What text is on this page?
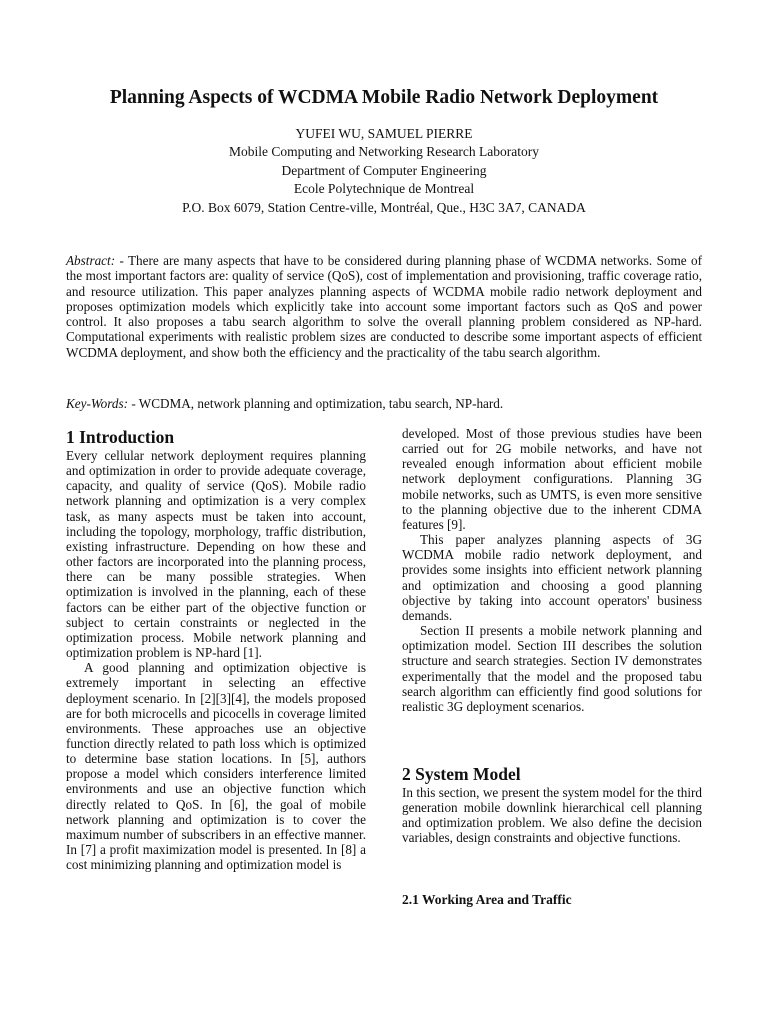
Planning Aspects of WCDMA Mobile Radio Network Deployment
YUFEI WU, SAMUEL PIERRE
Mobile Computing and Networking Research Laboratory
Department of Computer Engineering
Ecole Polytechnique de Montreal
P.O. Box 6079, Station Centre-ville, Montréal, Que., H3C 3A7, CANADA
Abstract: - There are many aspects that have to be considered during planning phase of WCDMA networks. Some of the most important factors are: quality of service (QoS), cost of implementation and provisioning, traffic coverage ratio, and resource utilization. This paper analyzes planning aspects of WCDMA mobile radio network deployment and proposes optimization models which explicitly take into account some important factors such as QoS and power control. It also proposes a tabu search algorithm to solve the overall planning problem considered as NP-hard. Computational experiments with realistic problem sizes are conducted to describe some important aspects of efficient WCDMA deployment, and show both the efficiency and the practicality of the tabu search algorithm.
Key-Words: - WCDMA, network planning and optimization, tabu search, NP-hard.
1 Introduction

Every cellular network deployment requires planning and optimization in order to provide adequate coverage, capacity, and quality of service (QoS). Mobile radio network planning and optimization is a very complex task, as many aspects must be taken into account, including the topology, morphology, traffic distribution, existing infrastructure. Depending on how these and other factors are incorporated into the planning process, there can be many possible strategies. When optimization is involved in the planning, each of these factors can be either part of the objective function or subject to certain constraints or neglected in the optimization process. Mobile network planning and optimization problem is NP-hard [1].

A good planning and optimization objective is extremely important in selecting an effective deployment scenario. In [2][3][4], the models proposed are for both microcells and picocells in coverage limited environments. These approaches use an objective function directly related to path loss which is optimized to determine base station locations. In [5], authors propose a model which considers interference limited environments and use an objective function which directly related to QoS. In [6], the goal of mobile network planning and optimization is to cover the maximum number of subscribers in an effective manner. In [7] a profit maximization model is presented. In [8] a cost minimizing planning and optimization model is

developed. Most of those previous studies have been carried out for 2G mobile networks, and have not revealed enough information about efficient mobile network deployment configurations. Planning 3G mobile networks, such as UMTS, is even more sensitive to the planning objective due to the inherent CDMA features [9].

This paper analyzes planning aspects of 3G WCDMA mobile radio network deployment, and provides some insights into efficient network planning and optimization and choosing a good planning objective by taking into account operators' business demands.

Section II presents a mobile network planning and optimization model. Section III describes the solution structure and search strategies. Section IV demonstrates experimentally that the model and the proposed tabu search algorithm can efficiently find good solutions for realistic 3G deployment scenarios.

2 System Model

In this section, we present the system model for the third generation mobile downlink hierarchical cell planning and optimization problem. We also define the decision variables, design constraints and objective functions.

2.1 Working Area and Traffic
